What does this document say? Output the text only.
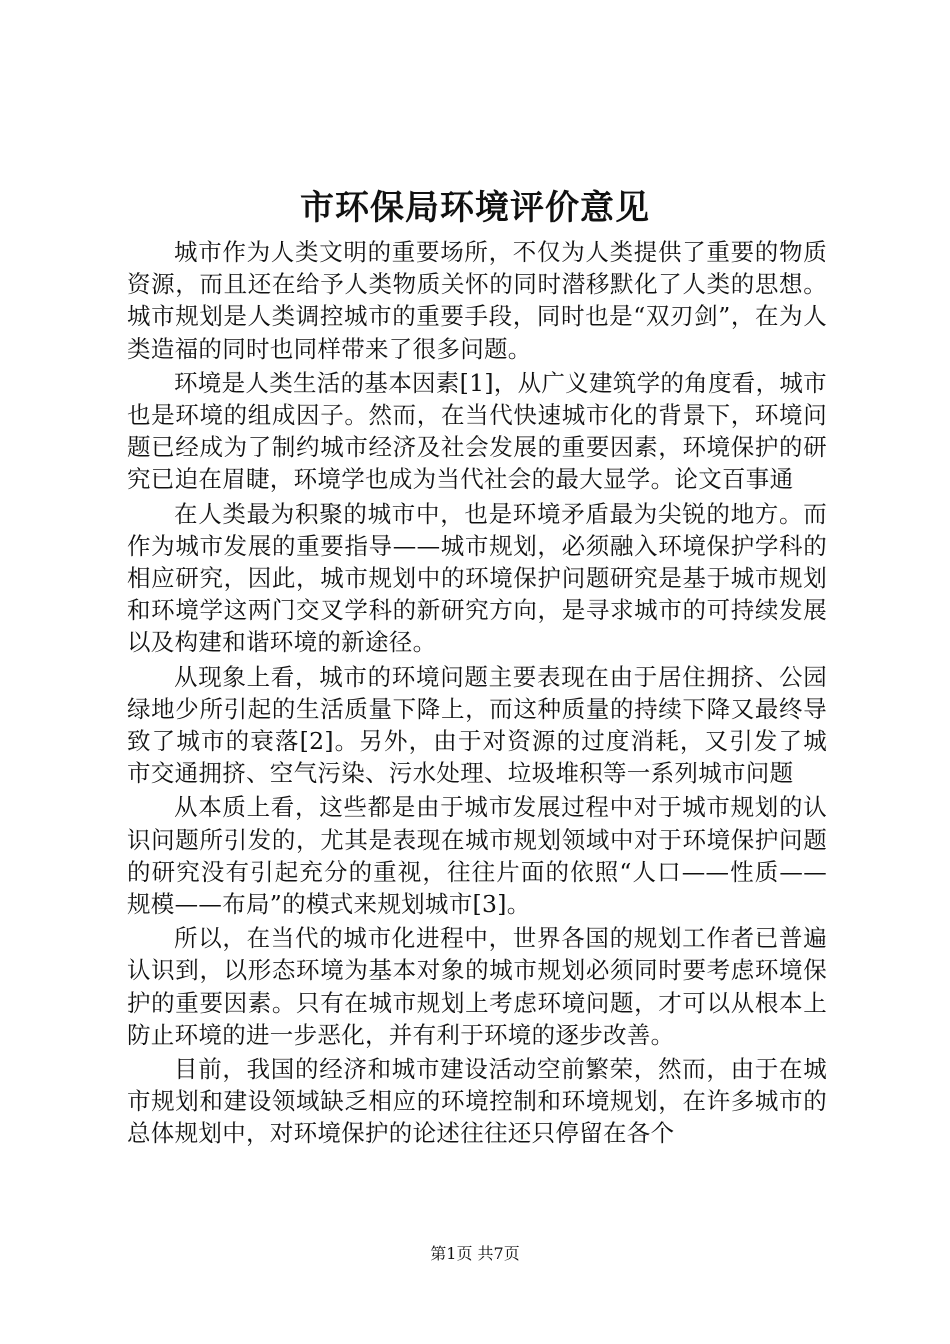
市环保局环境评价意见

城市作为人类文明的重要场所，不仅为人类提供了重要的物质资源，而且还在给予人类物质关怀的同时潜移默化了人类的思想。城市规划是人类调控城市的重要手段，同时也是“双刃剑”，在为人类造福的同时也同样带来了很多问题。

环境是人类生活的基本因素[1]，从广义建筑学的角度看，城市也是环境的组成因子。然而，在当代快速城市化的背景下，环境问题已经成为了制约城市经济及社会发展的重要因素，环境保护的研究已迫在眉睫，环境学也成为当代社会的最大显学。论文百事通

在人类最为积聚的城市中，也是环境矛盾最为尖锐的地方。而作为城市发展的重要指导——城市规划，必须融入环境保护学科的相应研究，因此，城市规划中的环境保护问题研究是基于城市规划和环境学这两门交叉学科的新研究方向，是寻求城市的可持续发展以及构建和谐环境的新途径。

从现象上看，城市的环境问题主要表现在由于居住拥挤、公园绿地少所引起的生活质量下降上，而这种质量的持续下降又最终导致了城市的衰落[2]。另外，由于对资源的过度消耗，又引发了城市交通拥挤、空气污染、污水处理、垃圾堆积等一系列城市问题

从本质上看，这些都是由于城市发展过程中对于城市规划的认识问题所引发的，尤其是表现在城市规划领域中对于环境保护问题的研究没有引起充分的重视，往往片面的依照“人口——性质——规模——布局”的模式来规划城市[3]。

所以，在当代的城市化进程中，世界各国的规划工作者已普遍认识到，以形态环境为基本对象的城市规划必须同时要考虑环境保护的重要因素。只有在城市规划上考虑环境问题，才可以从根本上防止环境的进一步恶化，并有利于环境的逐步改善。

目前，我国的经济和城市建设活动空前繁荣，然而，由于在城市规划和建设领域缺乏相应的环境控制和环境规划，在许多城市的总体规划中，对环境保护的论述往往还只停留在各个

第1页 共7页
